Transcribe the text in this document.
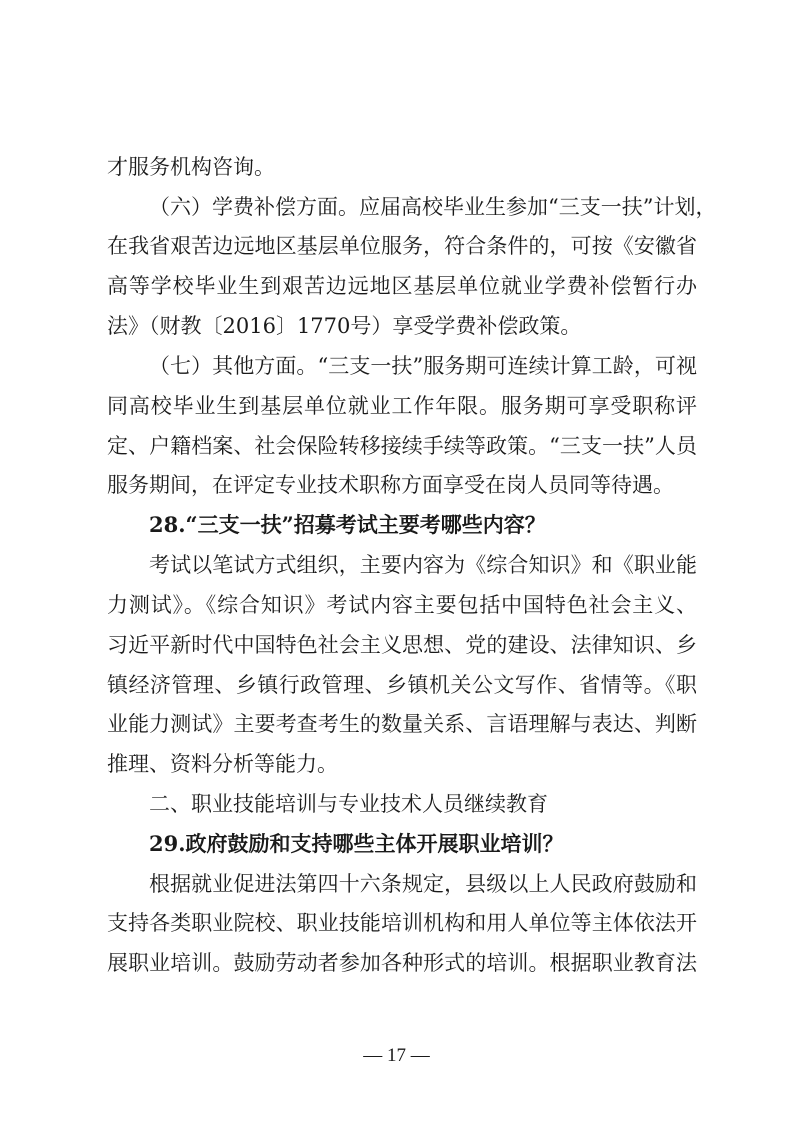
才服务机构咨询。
（六）学费补偿方面。应届高校毕业生参加“三支一扶”计划，
在我省艰苦边远地区基层单位服务，符合条件的，可按《安徽省
高等学校毕业生到艰苦边远地区基层单位就业学费补偿暂行办
法》（财教〔2016〕1770号）享受学费补偿政策。
（七）其他方面。“三支一扶”服务期可连续计算工龄，可视
同高校毕业生到基层单位就业工作年限。服务期可享受职称评
定、户籍档案、社会保险转移接续手续等政策。“三支一扶”人员
服务期间，在评定专业技术职称方面享受在岗人员同等待遇。
28.“三支一扶”招募考试主要考哪些内容？
考试以笔试方式组织，主要内容为《综合知识》和《职业能
力测试》。《综合知识》考试内容主要包括中国特色社会主义、
习近平新时代中国特色社会主义思想、党的建设、法律知识、乡
镇经济管理、乡镇行政管理、乡镇机关公文写作、省情等。《职
业能力测试》主要考查考生的数量关系、言语理解与表达、判断
推理、资料分析等能力。
二、职业技能培训与专业技术人员继续教育
29.政府鼓励和支持哪些主体开展职业培训？
根据就业促进法第四十六条规定，县级以上人民政府鼓励和
支持各类职业院校、职业技能培训机构和用人单位等主体依法开
展职业培训。鼓励劳动者参加各种形式的培训。根据职业教育法
— 17 —
